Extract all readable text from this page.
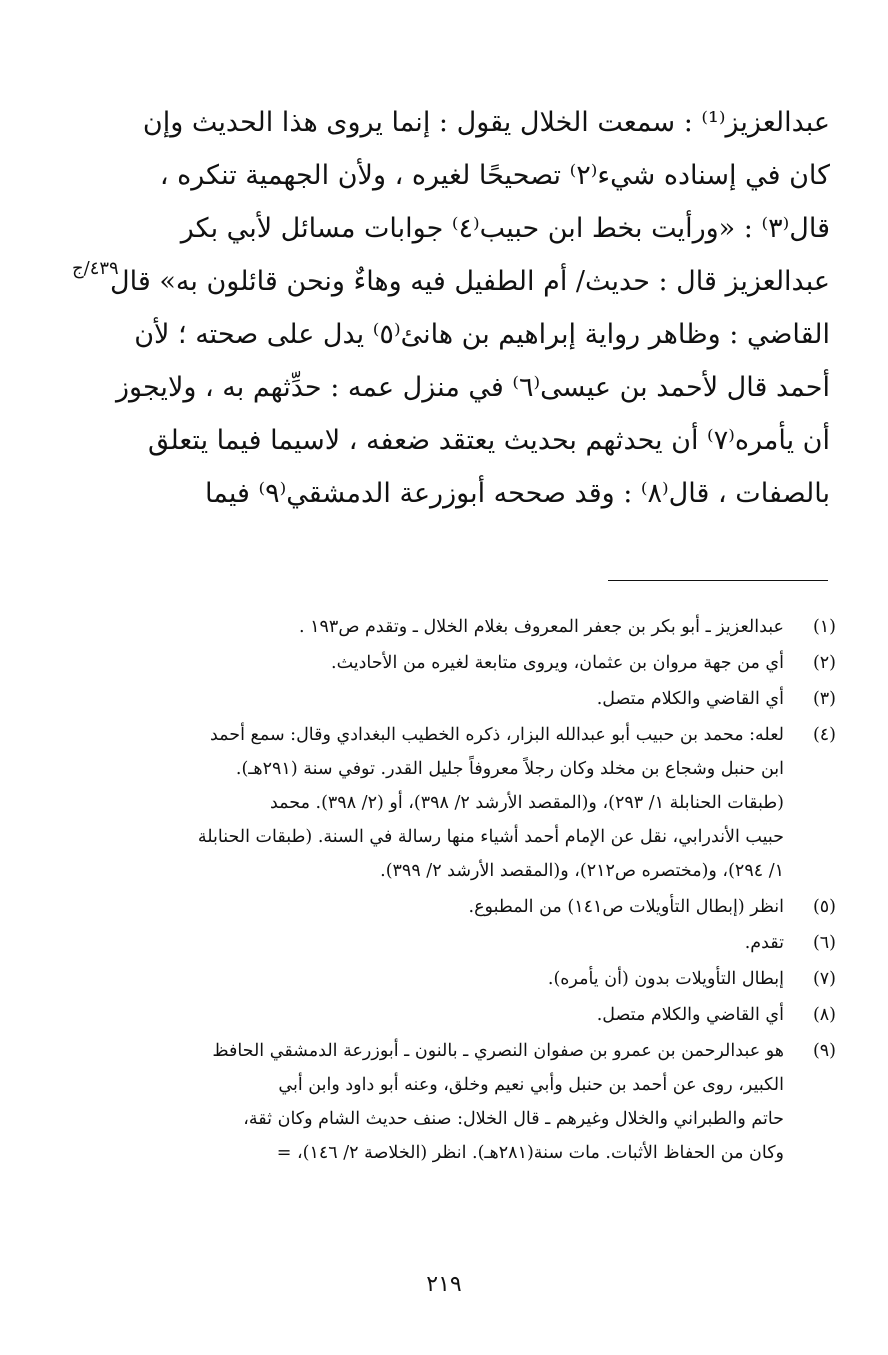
عبدالعزيز⁽¹⁾ : سمعت الخلال يقول : إنما يروى هذا الحديث وإن
كان في إسناده شيء⁽٢⁾ تصحيحًا لغيره ، ولأن الجهمية تنكره ،
قال⁽٣⁾ : «ورأيت بخط ابن حبيب⁽٤⁾ جوابات مسائل لأبي بكر
عبدالعزيز قال : حديث/ أم الطفيل فيه وهاءٌ ونحن قائلون به» قال
القاضي : وظاهر رواية إبراهيم بن هانئ⁽٥⁾ يدل على صحته ؛ لأن
أحمد قال لأحمد بن عيسى⁽٦⁾ في منزل عمه : حدِّثهم به ، ولايجوز
أن يأمره⁽٧⁾ أن يحدثهم بحديث يعتقد ضعفه ، لاسيما فيما يتعلق
بالصفات ، قال⁽٨⁾ : وقد صححه أبوزرعة الدمشقي⁽٩⁾ فيما
٤٣٩/ج
(١)
عبدالعزيز ـ أبو بكر بن جعفر المعروف بغلام الخلال ـ وتقدم ص١٩٣ .
(٢)
أي من جهة مروان بن عثمان، ويروى متابعة لغيره من الأحاديث.
(٣)
أي القاضي والكلام متصل.
(٤)
لعله: محمد بن حبيب أبو عبدالله البزار، ذكره الخطيب البغدادي وقال: سمع أحمد
ابن حنبل وشجاع بن مخلد وكان رجلاً معروفاً جليل القدر. توفي سنة (٢٩١هـ).
(طبقات الحنابلة ١/ ٢٩٣)، و(المقصد الأرشد ٢/ ٣٩٨)، أو (٢/ ٣٩٨). محمد
حبيب الأندرابي، نقل عن الإمام أحمد أشياء منها رسالة في السنة. (طبقات الحنابلة
١/ ٢٩٤)، و(مختصره ص٢١٢)، و(المقصد الأرشد ٢/ ٣٩٩).
(٥)
انظر (إبطال التأويلات ص١٤١) من المطبوع.
(٦)
تقدم.
(٧)
إبطال التأويلات بدون (أن يأمره).
(٨)
أي القاضي والكلام متصل.
(٩)
هو عبدالرحمن بن عمرو بن صفوان النصري ـ بالنون ـ أبوزرعة الدمشقي الحافظ
الكبير، روى عن أحمد بن حنبل وأبي نعيم وخلق، وعنه أبو داود وابن أبي
حاتم والطبراني والخلال وغيرهم ـ قال الخلال: صنف حديث الشام وكان ثقة،
وكان من الحفاظ الأثبات. مات سنة(٢٨١هـ). انظر (الخلاصة ٢/ ١٤٦)، =
٢١٩
